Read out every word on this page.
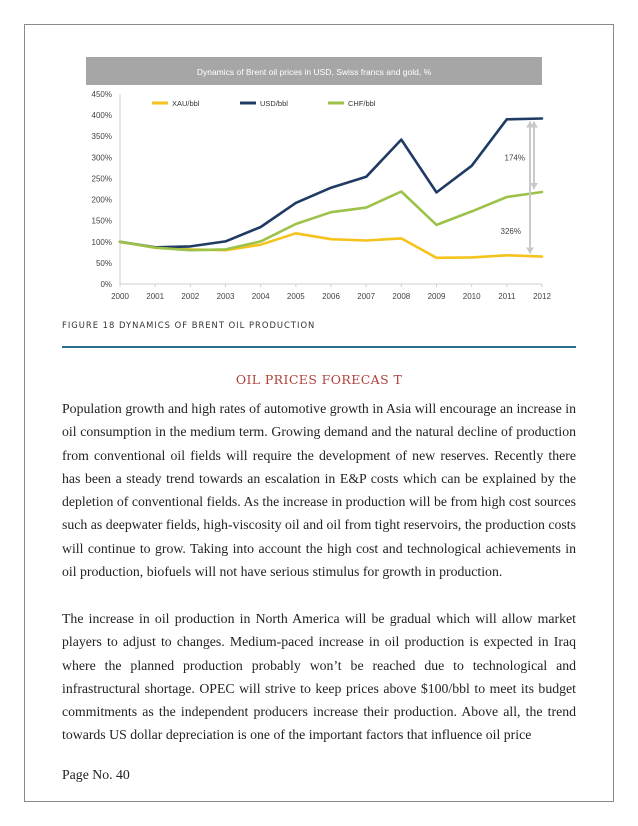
Dynamics of Brent oil prices in USD, Swiss francs and gold, %
XAU/bbl	USD/bbl	CHF/bbl
0%
50%
100%
150%
200%
250%
300%
350%
400%
450%
2000 2001 2002 2003 2004 2005 2006 2007 2008 2009 2010 2011 2012
174%
326%
FIGURE 18 DYNAMICS OF BRENT OIL PRODUCTION
OIL PRICES FORECAS T

Population growth and high rates of automotive growth in Asia will encourage an increase in oil consumption in the medium term. Growing demand and the natural decline of production from conventional oil fields will require the development of new reserves. Recently there has been a steady trend towards an escalation in E&P costs which can be explained by the depletion of conventional fields. As the increase in production will be from high cost sources such as deepwater fields, high-viscosity oil and oil from tight reservoirs, the production costs will continue to grow. Taking into account the high cost and technological achievements in oil production, biofuels will not have serious stimulus for growth in production.

The increase in oil production in North America will be gradual which will allow market players to adjust to changes. Medium-paced increase in oil production is expected in Iraq where the planned production probably won’t be reached due to technological and infrastructural shortage. OPEC will strive to keep prices above $100/bbl to meet its budget commitments as the independent producers increase their production. Above all, the trend towards US dollar depreciation is one of the important factors that influence oil price

Page No. 40
